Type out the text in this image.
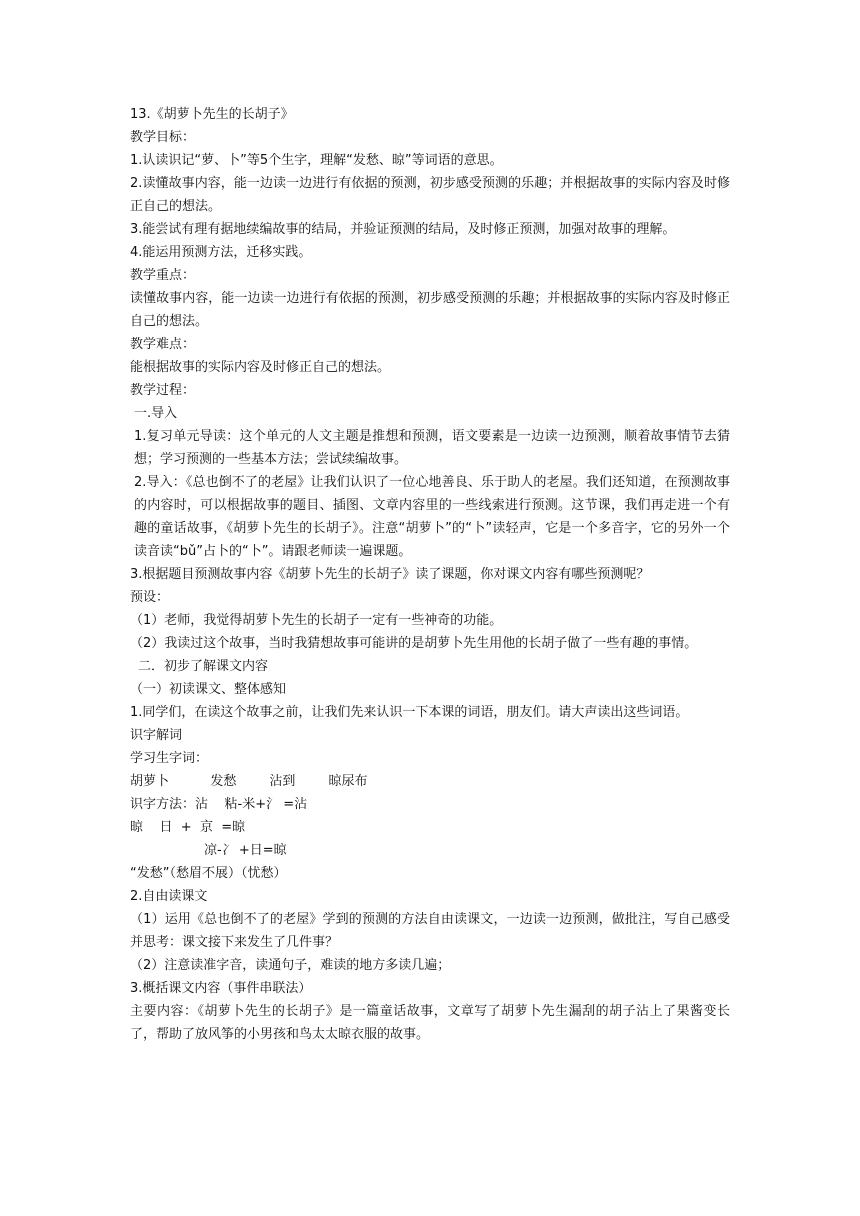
13.《胡萝卜先生的长胡子》
教学目标：
1.认读识记“萝、卜”等5个生字，理解“发愁、晾”等词语的意思。
2.读懂故事内容，能一边读一边进行有依据的预测，初步感受预测的乐趣；并根据故事的实际内容及时修正自己的想法。
3.能尝试有理有据地续编故事的结局，并验证预测的结局，及时修正预测，加强对故事的理解。
4.能运用预测方法，迁移实践。
教学重点：
读懂故事内容，能一边读一边进行有依据的预测，初步感受预测的乐趣；并根据故事的实际内容及时修正自己的想法。
教学难点：
能根据故事的实际内容及时修正自己的想法。
教学过程：
一.导入
1.复习单元导读：这个单元的人文主题是推想和预测，语文要素是一边读一边预测，顺着故事情节去猜想；学习预测的一些基本方法；尝试续编故事。
2.导入：《总也倒不了的老屋》让我们认识了一位心地善良、乐于助人的老屋。我们还知道，在预测故事的内容时，可以根据故事的题目、插图、文章内容里的一些线索进行预测。这节课，我们再走进一个有趣的童话故事，《胡萝卜先生的长胡子》。注意“胡萝卜”的“卜”读轻声，它是一个多音字，它的另外一个读音读“bǔ”占卜的“卜”。请跟老师读一遍课题。
3.根据题目预测故事内容《胡萝卜先生的长胡子》读了课题，你对课文内容有哪些预测呢？
预设：
（1）老师，我觉得胡萝卜先生的长胡子一定有一些神奇的功能。
（2）我读过这个故事，当时我猜想故事可能讲的是胡萝卜先生用他的长胡子做了一些有趣的事情。
二．初步了解课文内容
（一）初读课文、整体感知
1.同学们，在读这个故事之前，让我们先来认识一下本课的词语，朋友们。请大声读出这些词语。
识字解词
学习生字词：
胡萝卜          发愁        沾到        晾尿布
识字方法：沾    粘-米+氵 =沾
晾    日  +  京  =晾
凉-冫 +日=晾
“发愁”（愁眉不展）（忧愁）
2.自由读课文
（1）运用《总也倒不了的老屋》学到的预测的方法自由读课文，一边读一边预测，做批注，写自己感受并思考：课文接下来发生了几件事？
（2）注意读准字音，读通句子，难读的地方多读几遍；
3.概括课文内容（事件串联法）
主要内容：《胡萝卜先生的长胡子》是一篇童话故事，文章写了胡萝卜先生漏刮的胡子沾上了果酱变长了，帮助了放风筝的小男孩和鸟太太晾衣服的故事。
